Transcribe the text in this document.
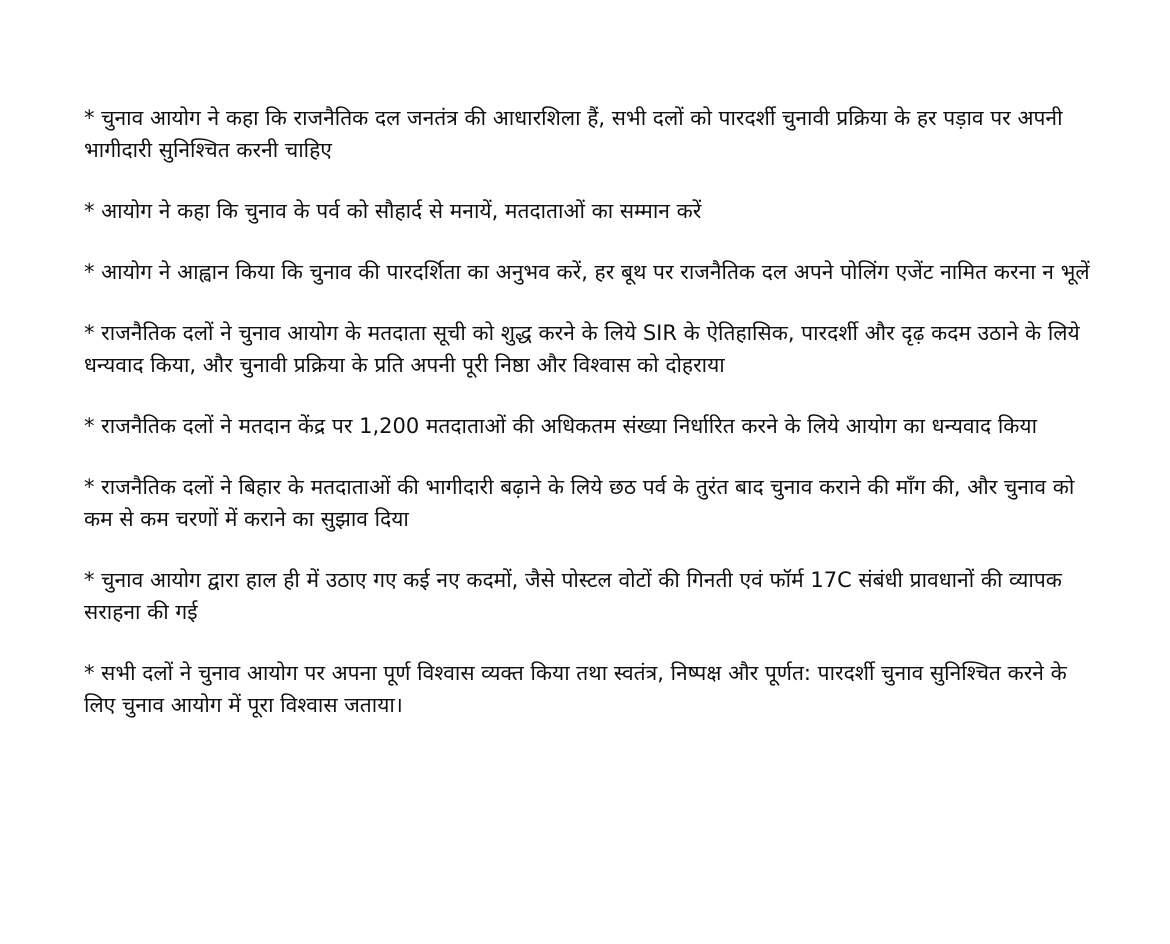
* चुनाव आयोग ने कहा कि राजनैतिक दल जनतंत्र की आधारशिला हैं, सभी दलों को पारदर्शी चुनावी प्रक्रिया के हर पड़ाव पर अपनी भागीदारी सुनिश्चित करनी चाहिए

* आयोग ने कहा कि चुनाव के पर्व को सौहार्द से मनायें, मतदाताओं का सम्मान करें

* आयोग ने आह्वान किया कि चुनाव की पारदर्शिता का अनुभव करें, हर बूथ पर राजनैतिक दल अपने पोलिंग एजेंट नामित करना न भूलें

* राजनैतिक दलों ने चुनाव आयोग के मतदाता सूची को शुद्ध करने के लिये SIR के ऐतिहासिक, पारदर्शी और दृढ़ कदम उठाने के लिये धन्यवाद किया, और चुनावी प्रक्रिया के प्रति अपनी पूरी निष्ठा और विश्वास को दोहराया

* राजनैतिक दलों ने मतदान केंद्र पर 1,200 मतदाताओं की अधिकतम संख्या निर्धारित करने के लिये आयोग का धन्यवाद किया

* राजनैतिक दलों ने बिहार के मतदाताओं की भागीदारी बढ़ाने के लिये छठ पर्व के तुरंत बाद चुनाव कराने की माँग की, और चुनाव को कम से कम चरणों में कराने का सुझाव दिया

* चुनाव आयोग द्वारा हाल ही में उठाए गए कई नए कदमों, जैसे पोस्टल वोटों की गिनती एवं फॉर्म 17C संबंधी प्रावधानों की व्यापक सराहना की गई

* सभी दलों ने चुनाव आयोग पर अपना पूर्ण विश्वास व्यक्त किया तथा स्वतंत्र, निष्पक्ष और पूर्णत: पारदर्शी चुनाव सुनिश्चित करने के लिए चुनाव आयोग में पूरा विश्वास जताया।
